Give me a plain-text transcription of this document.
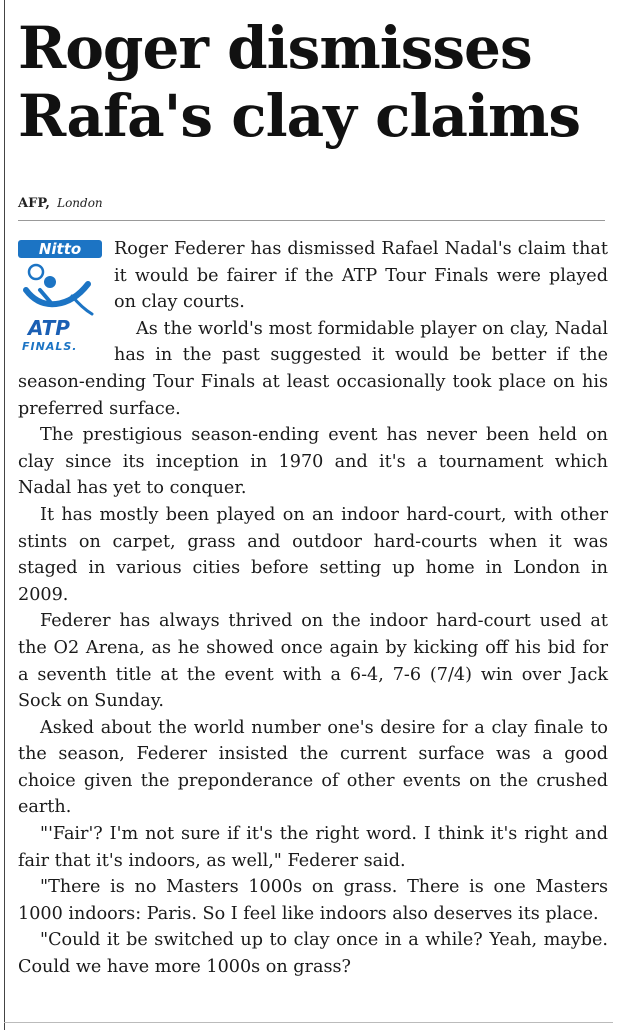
Roger dismisses Rafa's clay claims
AFP, London
Nitto
ATP
FINALS.

Roger Federer has dismissed Rafael Nadal's claim that it would be fairer if the ATP Tour Finals were played on clay courts.

As the world's most formidable player on clay, Nadal has in the past suggested it would be better if the season-ending Tour Finals at least occasionally took place on his preferred surface.

The prestigious season-ending event has never been held on clay since its inception in 1970 and it's a tournament which Nadal has yet to conquer.

It has mostly been played on an indoor hard-court, with other stints on carpet, grass and outdoor hard-courts when it was staged in various cities before setting up home in London in 2009.

Federer has always thrived on the indoor hard-court used at the O2 Arena, as he showed once again by kicking off his bid for a seventh title at the event with a 6-4, 7-6 (7/4) win over Jack Sock on Sunday.

Asked about the world number one's desire for a clay finale to the season, Federer insisted the current surface was a good choice given the preponderance of other events on the crushed earth.

"'Fair'? I'm not sure if it's the right word. I think it's right and fair that it's indoors, as well," Federer said.

"There is no Masters 1000s on grass. There is one Masters 1000 indoors: Paris. So I feel like indoors also deserves its place.

"Could it be switched up to clay once in a while? Yeah, maybe. Could we have more 1000s on grass?
